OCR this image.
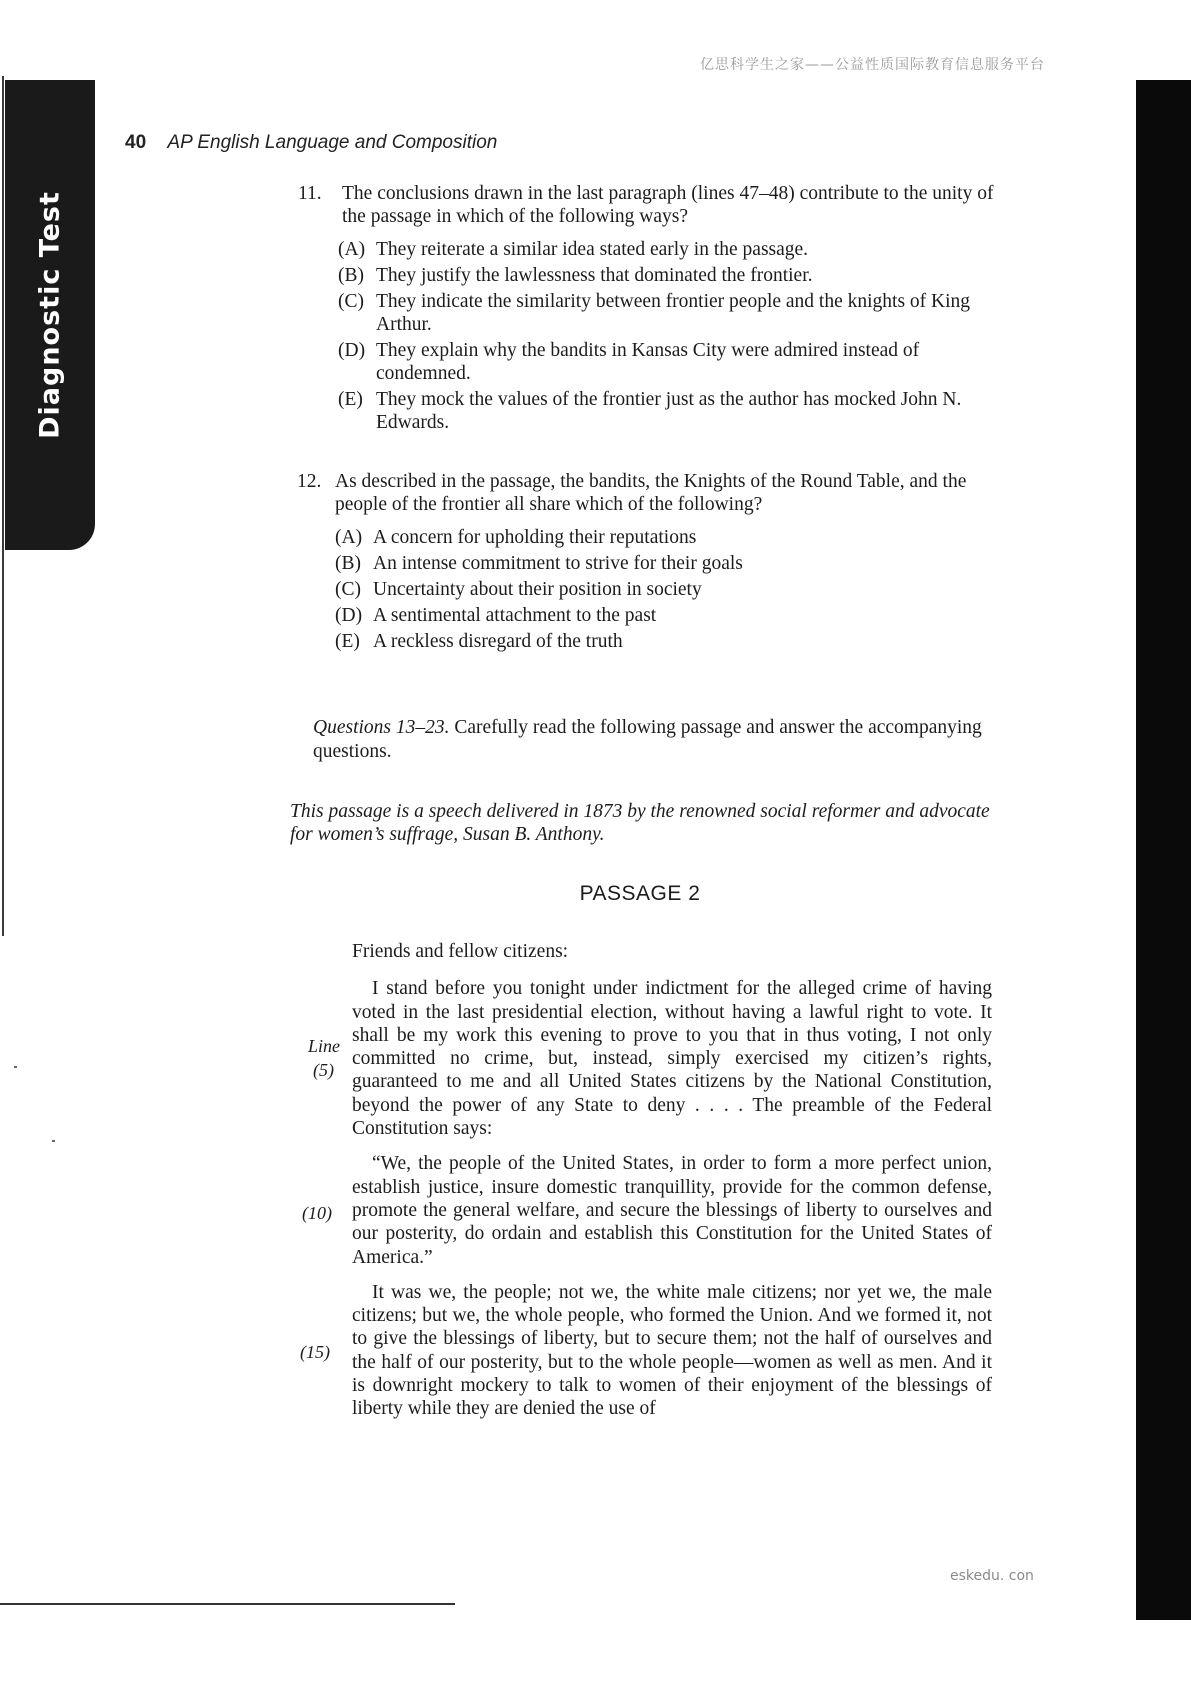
Diagnostic Test
亿思科学生之家——公益性质国际教育信息服务平台
40 AP English Language and Composition
11. The conclusions drawn in the last paragraph (lines 47–48) contribute to the unity of the passage in which of the following ways?
(A) They reiterate a similar idea stated early in the passage.
(B) They justify the lawlessness that dominated the frontier.
(C) They indicate the similarity between frontier people and the knights of King Arthur.
(D) They explain why the bandits in Kansas City were admired instead of condemned.
(E) They mock the values of the frontier just as the author has mocked John N. Edwards.
12. As described in the passage, the bandits, the Knights of the Round Table, and the people of the frontier all share which of the following?
(A) A concern for upholding their reputations
(B) An intense commitment to strive for their goals
(C) Uncertainty about their position in society
(D) A sentimental attachment to the past
(E) A reckless disregard of the truth
Questions 13–23. Carefully read the following passage and answer the accompanying questions.
This passage is a speech delivered in 1873 by the renowned social reformer and advocate for women’s suffrage, Susan B. Anthony.
PASSAGE 2

Friends and fellow citizens:

I stand before you tonight under indictment for the alleged crime of having voted in the last presidential election, without having a lawful right to vote. It shall be my work this evening to prove to you that in thus voting, I not only committed no crime, but, instead, simply exercised my citizen’s rights, guaranteed to me and all United States citizens by the National Constitution, beyond the power of any State to deny . . . . The preamble of the Federal Constitution says:

“We, the people of the United States, in order to form a more perfect union, establish justice, insure domestic tranquillity, provide for the common defense, promote the general welfare, and secure the blessings of liberty to ourselves and our posterity, do ordain and establish this Constitution for the United States of America.”

It was we, the people; not we, the white male citizens; nor yet we, the male citizens; but we, the whole people, who formed the Union. And we formed it, not to give the blessings of liberty, but to secure them; not the half of ourselves and the half of our posterity, but to the whole people—women as well as men. And it is downright mockery to talk to women of their enjoyment of the blessings of liberty while they are denied the use of

Line
(5)
(10)
(15)
eskedu. con
